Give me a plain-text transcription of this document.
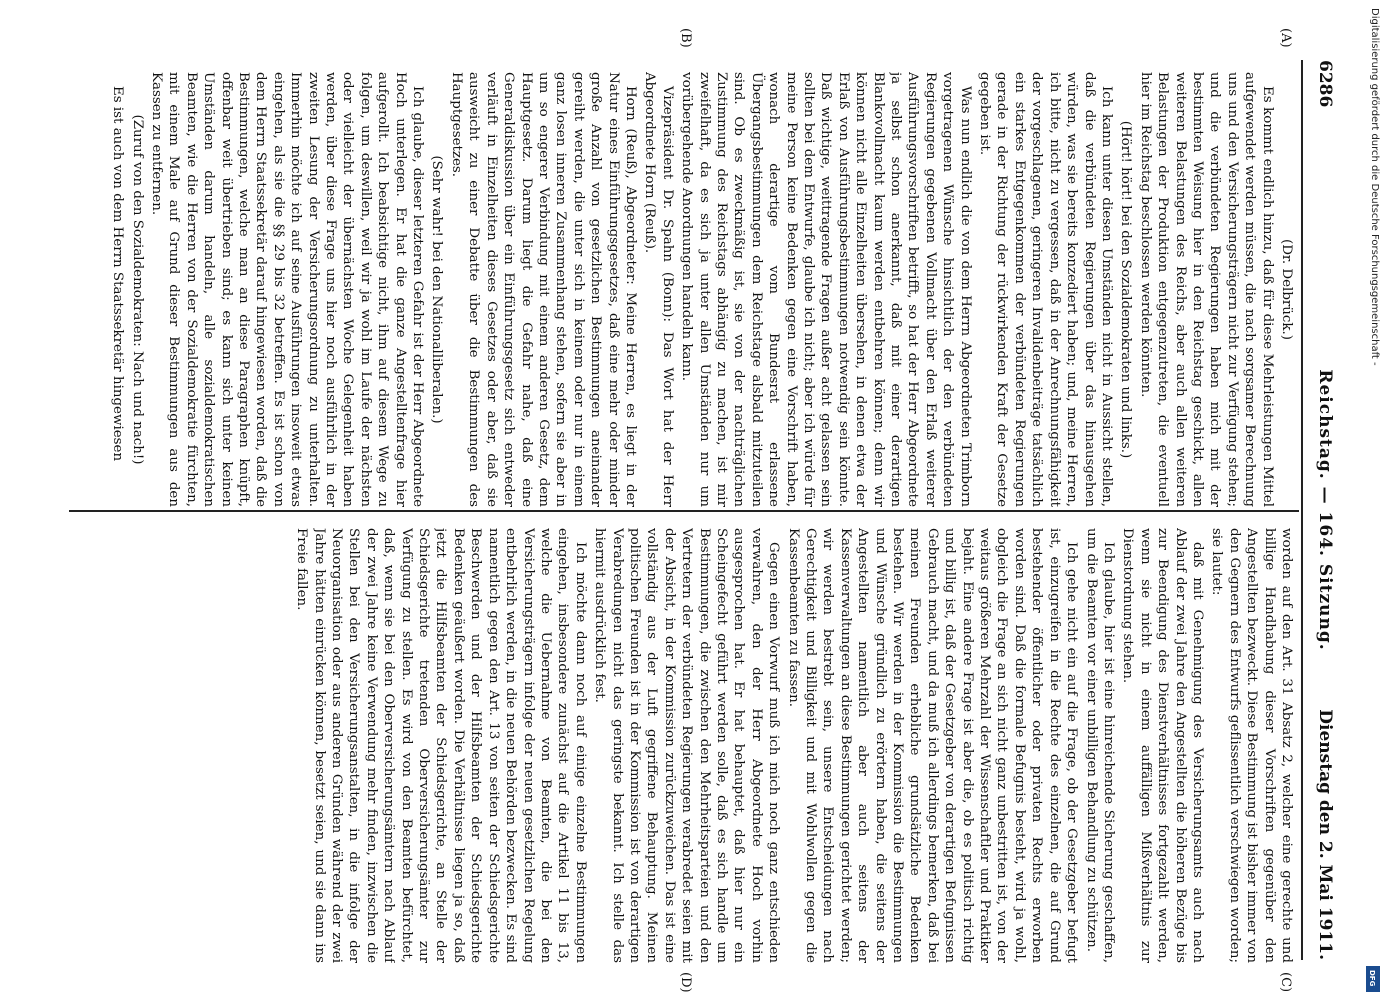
6286
Reichstag. — 164. Sitzung.
Dienstag den 2. Mai 1911.
(A)
(B)
(C)
(D)

(Dr. Delbrück.)

Es kommt endlich hinzu, daß für diese Mehrleistungen Mittel aufgewendet werden müssen, die nach sorgsamer Berechnung uns und den Versicherungsträgern nicht zur Verfügung stehen; und die verbündeten Regierungen haben mich mit der bestimmten Weisung hier in den Reichstag geschickt, allen weiteren Belastungen des Reichs, aber auch allen weiteren Belastungen der Produktion entgegenzutreten, die eventuell hier im Reichstag beschlossen werden könnten.

(Hört! hört! bei den Sozialdemokraten und links.)

Ich kann unter diesen Umständen nicht in Aussicht stellen, daß die verbündeten Regierungen über das hinausgehen würden, was sie bereits konzediert haben; und, meine Herren, ich bitte, nicht zu vergessen, daß in der Anrechnungsfähigkeit der vorgeschlagenen, geringeren Invalidenbeiträge tatsächlich ein starkes Entgegenkommen der verbündeten Regierungen gerade in der Richtung der rückwirkenden Kraft der Gesetze gegeben ist.

Was nun endlich die von dem Herrn Abgeordneten Trimborn vorgetragenen Wünsche hinsichtlich der den verbündeten Regierungen gegebenen Vollmacht über den Erlaß weiterer Ausführungsvorschriften betrifft, so hat der Herr Abgeordnete ja selbst schon anerkannt, daß mit einer derartigen Blankovollmacht kaum werden entbehren können; denn wir können nicht alle Einzelheiten übersehen, in denen etwa der Erlaß von Ausführungsbestimmungen notwendig sein könnte. Daß wichtige, weittragende Fragen außer acht gelassen sein sollten bei dem Entwurfe, glaube ich nicht; aber ich würde für meine Person keine Bedenken gegen eine Vorschrift haben, wonach derartige vom Bundesrat erlassene Übergangsbestimmungen dem Reichstage alsbald mitzuteilen sind. Ob es zweckmäßig ist, sie von der nachträglichen Zustimmung des Reichstags abhängig zu machen, ist mir zweifelhaft, da es sich ja unter allen Umständen nur um vorübergehende Anordnungen handeln kann.

Vizepräsident Dr. Spahn (Bonn): Das Wort hat der Herr Abgeordnete Horn (Reuß).

Horn (Reuß), Abgeordneter: Meine Herren, es liegt in der Natur eines Einführungsgesetzes, daß eine mehr oder minder große Anzahl von gesetzlichen Bestimmungen aneinander gereiht werden, die unter sich in keinem oder nur in einem ganz losen inneren Zusammenhang stehen, sofern sie aber in um so engerer Verbindung mit einem anderen Gesetz, dem Hauptgesetz. Darum liegt die Gefahr nahe, daß eine Generaldiskussion über ein Einführungsgesetz sich entweder verläuft in Einzelheiten dieses Gesetzes oder aber, daß sie ausweicht zu einer Debatte über die Bestimmungen des Hauptgesetzes.

(Sehr wahr! bei den Nationalliberalen.)

Ich glaube, dieser letzteren Gefahr ist der Herr Abgeordnete Hoch unterlegen. Er hat die ganze Angestelltenfrage hier aufgerollt. Ich beabsichtige nicht, ihm auf diesem Wege zu folgen, um deswillen, weil wir ja wohl im Laufe der nächsten oder vielleicht der übernächsten Woche Gelegenheit haben werden, über diese Frage uns hier noch ausführlich in der zweiten Lesung der Versicherungsordnung zu unterhalten. Immerhin möchte ich auf seine Ausführungen insoweit etwas eingehen, als sie die §§ 29 bis 32 betreffen. Es ist schon von dem Herrn Staatssekretär darauf hingewiesen worden, daß die Bestimmungen, welche man an diese Paragraphen knüpft, offenbar weit übertrieben sind; es kann sich unter keinen Umständen darum handeln, alle sozialdemokratischen Beamten, wie die Herren von der Sozialdemokratie fürchten, mit einem Male auf Grund dieser Bestimmungen aus den Kassen zu entfernen.

(Zuruf von den Sozialdemokraten: Nach und nach!)

Es ist auch von dem Herrn Staatssekretär hingewiesen

worden auf den Art. 31 Absatz 2, welcher eine gerechte und billige Handhabung dieser Vorschriften gegenüber den Angestellten bezweckt. Diese Bestimmung ist bisher immer von den Gegnern des Entwurfs geflissentlich verschwiegen worden; sie lautet:

daß mit Genehmigung des Versicherungsamts auch nach Ablauf der zwei Jahre den Angestellten die höheren Bezüge bis zur Beendigung des Dienstverhältnisses fortgezahlt werden, wenn sie nicht in einem auffälligen Mißverhältnis zur Dienstordnung stehen.

Ich glaube, hier ist eine hinreichende Sicherung geschaffen, um die Beamten vor einer unbilligen Behandlung zu schützen.

Ich gehe nicht ein auf die Frage, ob der Gesetzgeber befugt ist, einzugreifen in die Rechte des einzelnen, die auf Grund bestehender öffentlicher oder privaten Rechts erworben worden sind. Daß die formale Befugnis besteht, wird ja wohl, obgleich die Frage an sich nicht ganz unbestritten ist, von der weitaus größeren Mehrzahl der Wissenschaftler und Praktiker bejaht. Eine andere Frage ist aber die, ob es politisch richtig und billig ist, daß der Gesetzgeber von derartigen Befugnissen Gebrauch macht, und da muß ich allerdings bemerken, daß bei meinen Freunden erhebliche grundsätzliche Bedenken bestehen. Wir werden in der Kommission die Bestimmungen und Wünsche gründlich zu erörtern haben, die seitens der Angestellten namentlich aber auch seitens der Kassenverwaltungen an diese Bestimmungen gerichtet werden; wir werden bestrebt sein, unsere Entscheidungen nach Gerechtigkeit und Billigkeit und mit Wohlwollen gegen die Kassenbeamten zu fassen.

Gegen einen Vorwurf muß ich mich noch ganz entschieden verwahren, den der Herr Abgeordnete Hoch vorhin ausgesprochen hat. Er hat behauptet, daß hier nur ein Scheingefecht geführt werden solle, daß es sich handle um Bestimmungen, die zwischen den Mehrheitsparteien und den Vertretern der verbündeten Regierungen verabredet seien mit der Absicht, in der Kommission zurückzuweichen. Das ist eine vollständig aus der Luft gegriffene Behauptung. Meinen politischen Freunden ist in der Kommission ist von derartigen Verabredungen nicht das geringste bekannt. Ich stelle das hiermit ausdrücklich fest.

Ich möchte dann noch auf einige einzelne Bestimmungen eingehen, insbesondere zunächst auf die Artikel 11 bis 13, welche die Uebernahme von Beamten, die bei den Versicherungsträgern infolge der neuen gesetzlichen Regelung entbehrlich werden, in die neuen Behörden bezwecken. Es sind namentlich gegen den Art. 13 von seiten der Schiedsgerichte Beschwerden und der Hilfsbeamten der Schiedsgerichte Bedenken geäußert worden. Die Verhältnisse liegen ja so, daß jetzt die Hilfsbeamten der Schiedsgerichte, an Stelle der Schiedsgerichte tretenden Oberversicherungsämter zur Verfügung zu stellen. Es wird von den Beamten befürchtet, daß, wenn sie bei den Oberversicherungsämtern nach Ablauf der zwei Jahre keine Verwendung mehr finden, inzwischen die Stellen bei den Versicherungsanstalten, in die infolge der Neuorganisation oder aus anderen Gründen während der zwei Jahre hätten einrücken können, besetzt seien, und sie dann ins Freie fallen.

Digitalisierung gefördert durch die Deutsche Forschungsgemeinschaft -
DFG
